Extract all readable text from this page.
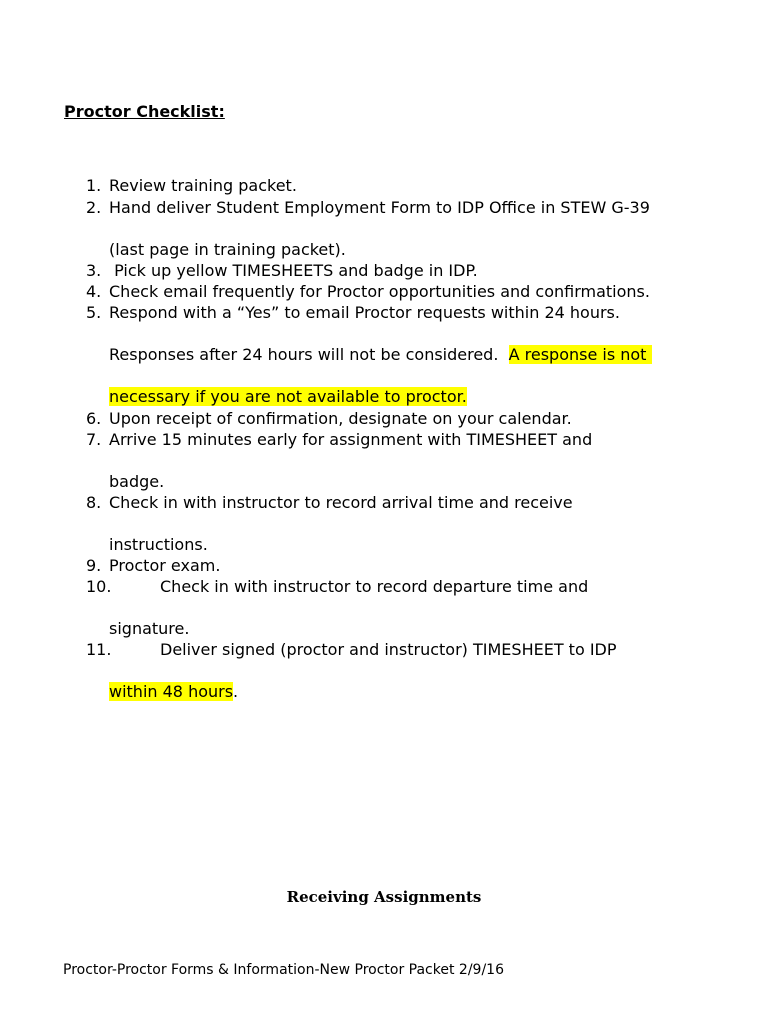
Proctor Checklist:
1. Review training packet.
2. Hand deliver Student Employment Form to IDP Office in STEW G-39
(last page in training packet).
3. Pick up yellow TIMESHEETS and badge in IDP.
4. Check email frequently for Proctor opportunities and confirmations.
5. Respond with a “Yes” to email Proctor requests within 24 hours.
Responses after 24 hours will not be considered.  A response is not
necessary if you are not available to proctor.
6. Upon receipt of confirmation, designate on your calendar.
7. Arrive 15 minutes early for assignment with TIMESHEET and
badge.
8. Check in with instructor to record arrival time and receive
instructions.
9. Proctor exam.
10.	Check in with instructor to record departure time and
signature.
11.	Deliver signed (proctor and instructor) TIMESHEET to IDP
within 48 hours.
Receiving Assignments
Proctor-Proctor Forms & Information-New Proctor Packet 2/9/16
